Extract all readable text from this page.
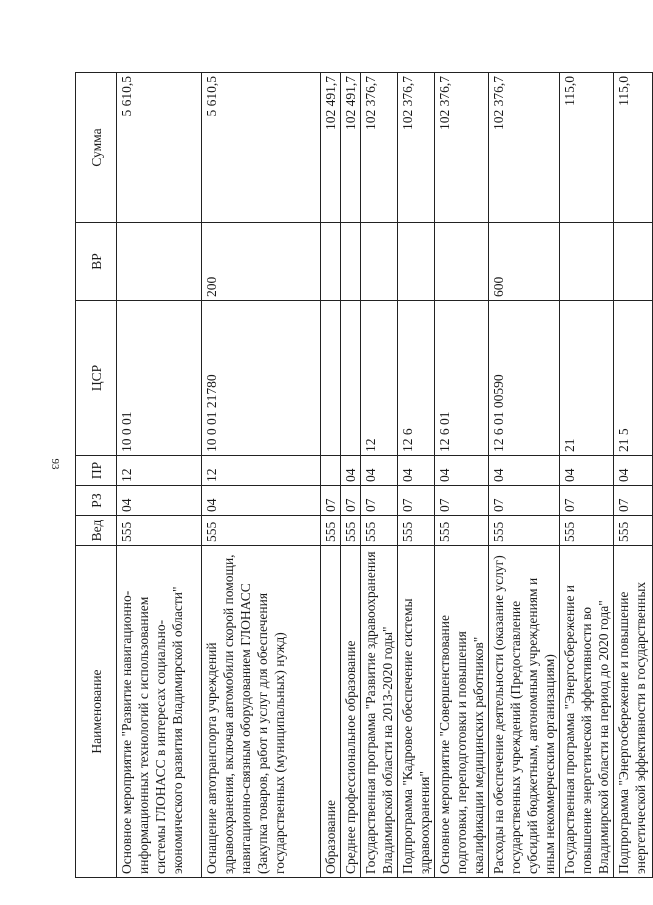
93
Наименование	Вед	РЗ	ПР	ЦСР	ВР	Сумма
Основное мероприятие "Развитие навигационно-информационных технологий с использованием системы ГЛОНАСС в интересах социально-экономического развития Владимирской области"	555	04	12	10 0 01		5 610,5
Оснащение автотранспорта учреждений здравоохранения, включая автомобили скорой помощи, навигационно-связным оборудованием ГЛОНАСС (Закупка товаров, работ и услуг для обеспечения государственных (муниципальных) нужд)	555	04	12	10 0 01 21780	200	5 610,5
Образование	555	07				102 491,7
Среднее профессиональное образование	555	07	04			102 491,7
Государственная программа "Развитие здравоохранения Владимирской области на 2013-2020 годы"	555	07	04	12		102 376,7
Подпрограмма "Кадровое обеспечение системы здравоохранения"	555	07	04	12 6		102 376,7
Основное мероприятие "Совершенствование подготовки, переподготовки и повышения квалификации медицинских работников"	555	07	04	12 6 01		102 376,7
Расходы на обеспечение деятельности (оказание услуг) государственных учреждений (Предоставление субсидий бюджетным, автономным учреждениям и иным некоммерческим организациям)	555	07	04	12 6 01 00590	600	102 376,7
Государственная программа "Энергосбережение и повышение энергетической эффективности во Владимирской области на период до 2020 года"	555	07	04	21		115,0
Подпрограмма "Энергосбережение и повышение энергетической эффективности в государственных	555	07	04	21 5		115,0
